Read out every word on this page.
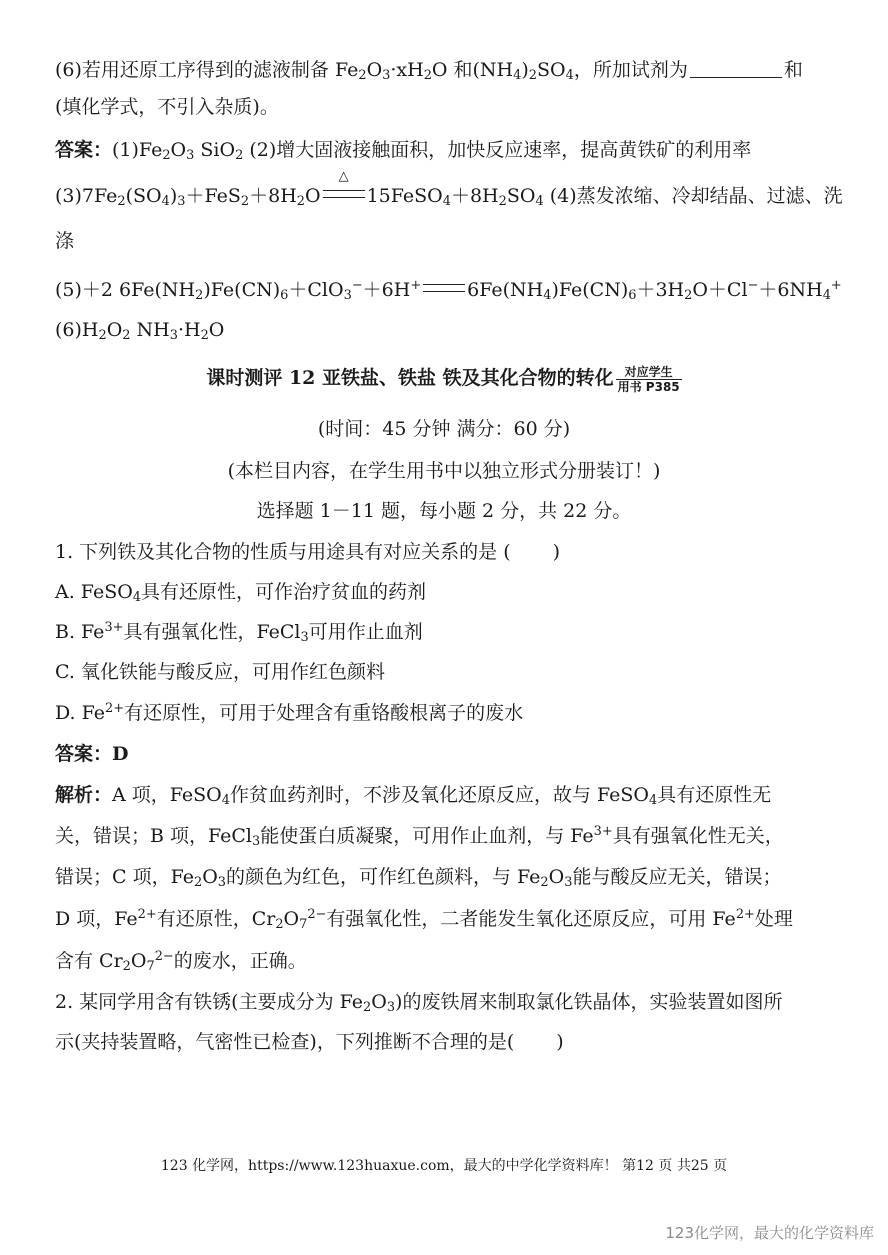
(6)若用还原工序得到的滤液制备 $Fe_2O_3\cdot xH_2O$ 和$(NH_4)_2SO_4$，所加试剂为	和
(填化学式，不引入杂质)。
答案：$(1)Fe_2O_3$ SiO$_2$ (2)增大固液接触面积，加快反应速率，提高黄铁矿的利用率
$(3)7Fe_2(SO_4)_3+FeS_2+8H_2O$
△
$15FeSO_4+8H_2SO_4$ (4)蒸发浓缩、冷却结晶、过滤、洗
涤
(5)＋2 $6Fe(NH_2)Fe(CN)_6+ClO_3^-+6H^+$ $6Fe(NH_4)Fe(CN)_6+3H_2O+Cl^-+6NH_4^+$
$(6)H_2O_2$ $NH_3\cdot H_2O$
课时测评 12 亚铁盐、铁盐 铁及其化合物的转化 对应学生
用书 P385
(时间：45 分钟 满分：60 分)
(本栏目内容，在学生用书中以独立形式分册装订！)
选择题 1－11 题，每小题 2 分，共 22 分。
1. 下列铁及其化合物的性质与用途具有对应关系的是 ( )
A. FeSO$_4$具有还原性，可作治疗贫血的药剂
B. $Fe^{3+}$具有强氧化性，FeCl$_3$可用作止血剂
C. 氧化铁能与酸反应，可用作红色颜料
D. $Fe^{2+}$有还原性，可用于处理含有重铬酸根离子的废水
答案：D
解析：A 项，FeSO$_4$作贫血药剂时，不涉及氧化还原反应，故与 FeSO$_4$具有还原性无
关，错误；B 项，FeCl$_3$能使蛋白质凝聚，可用作止血剂，与 $Fe^{3+}$具有强氧化性无关，
错误；C 项，$Fe_2O_3$的颜色为红色，可作红色颜料，与 $Fe_2O_3$能与酸反应无关，错误；
D 项，$Fe^{2+}$有还原性，$Cr_2O_7^{2-}$有强氧化性，二者能发生氧化还原反应，可用 $Fe^{2+}$处理
含有 $Cr_2O_7^{2-}$的废水，正确。
2. 某同学用含有铁锈(主要成分为 $Fe_2O_3$)的废铁屑来制取氯化铁晶体，实验装置如图所
示(夹持装置略，气密性已检查)，下列推断不合理的是( )
123 化学网，https://www.123huaxue.com，最大的中学化学资料库！ 第12 页 共25 页
123化学网，最大的化学资料库
